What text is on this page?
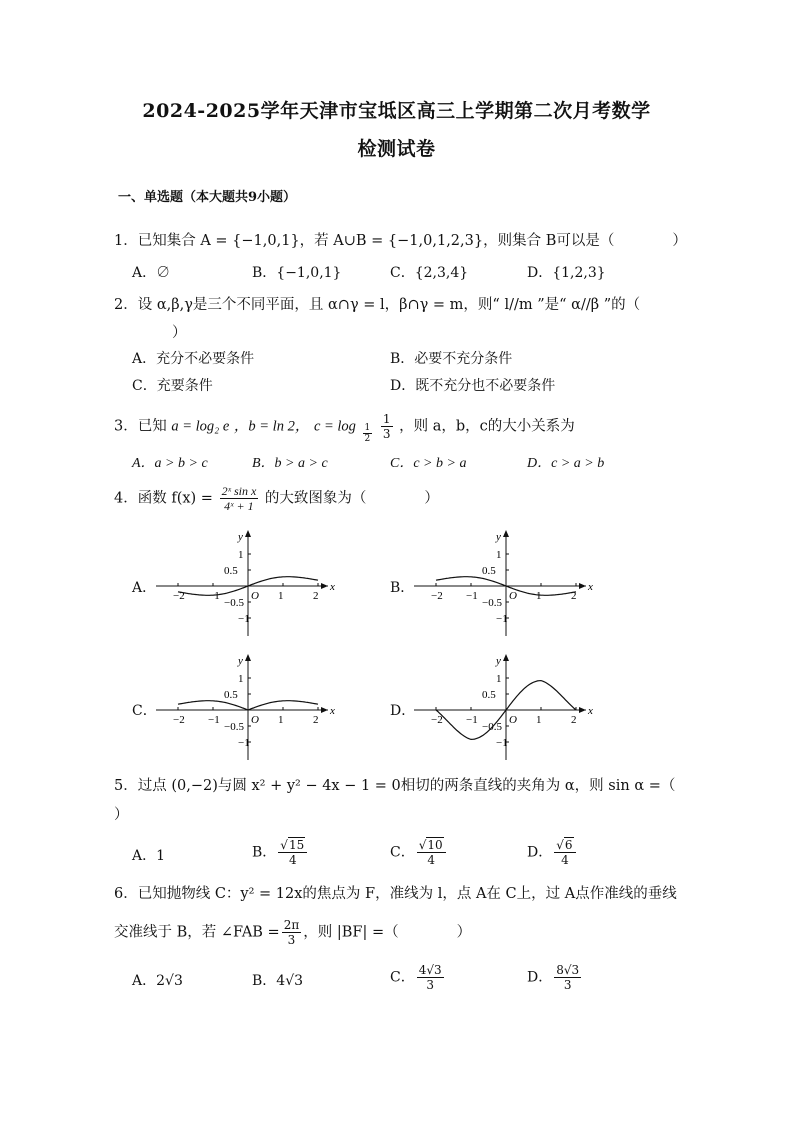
2024-2025学年天津市宝坻区高三上学期第二次月考数学
检测试卷
一、单选题（本大题共9小题）
1．已知集合 A = {−1,0,1}，若 A∪B = {−1,0,1,2,3}，则集合 B可以是（　　　　）
A．∅	B．{−1,0,1}	C．{2,3,4}	D．{1,2,3}
2．设 α,β,γ是三个不同平面，且 α∩γ = l，β∩γ = m，则“ l//m ”是“ α//β ”的（
）
A．充分不必要条件	B．必要不充分条件
C．充要条件	D．既不充分也不必要条件
3．已知 a = log₂ e ，b = ln 2， $c = \log \frac{1}{2}$
$\frac{1}{3}$ ，则 a，b，c的大小关系为
A．a > b > c	B．b > a > c	C．c > b > a	D．c > a > b
4．函数 $f(x) = \frac{\text{2ˣ sin x}}{\text{4ˣ + 1}}$ 的大致图象为（　　　　）
A．	B．
C．	D．
−2 −1	1	2
O
x
y
1
0.5
−0.5
−1
−2 −1	1	2
O
x
y
1
0.5
−0.5
−1
−2 −1	1	2
O
x
y
1
0.5
−0.5
−1
−2 −1	1	2
O
x
y
1
0.5
−0.5
−1
5．过点 (0,−2)与圆 x² + y² − 4x − 1 = 0相切的两条直线的夹角为 α，则 sin α =（
）
A．1	B． $\frac{√15}{4}$	C． $\frac{√10}{4}$	D． $\frac{√6}{4}$
6．已知抛物线 C：y² = 12x的焦点为 F，准线为 l，点 A在 C上，过 A点作准线的垂线
交准线于 B，若 ∠FAB = $\frac{2\pi}{3}$ ，则 |BF| =（　　　　）
A．2√3	B．4√3	C． $\frac{4√3}{3}$	D． $\frac{8√3}{3}$
